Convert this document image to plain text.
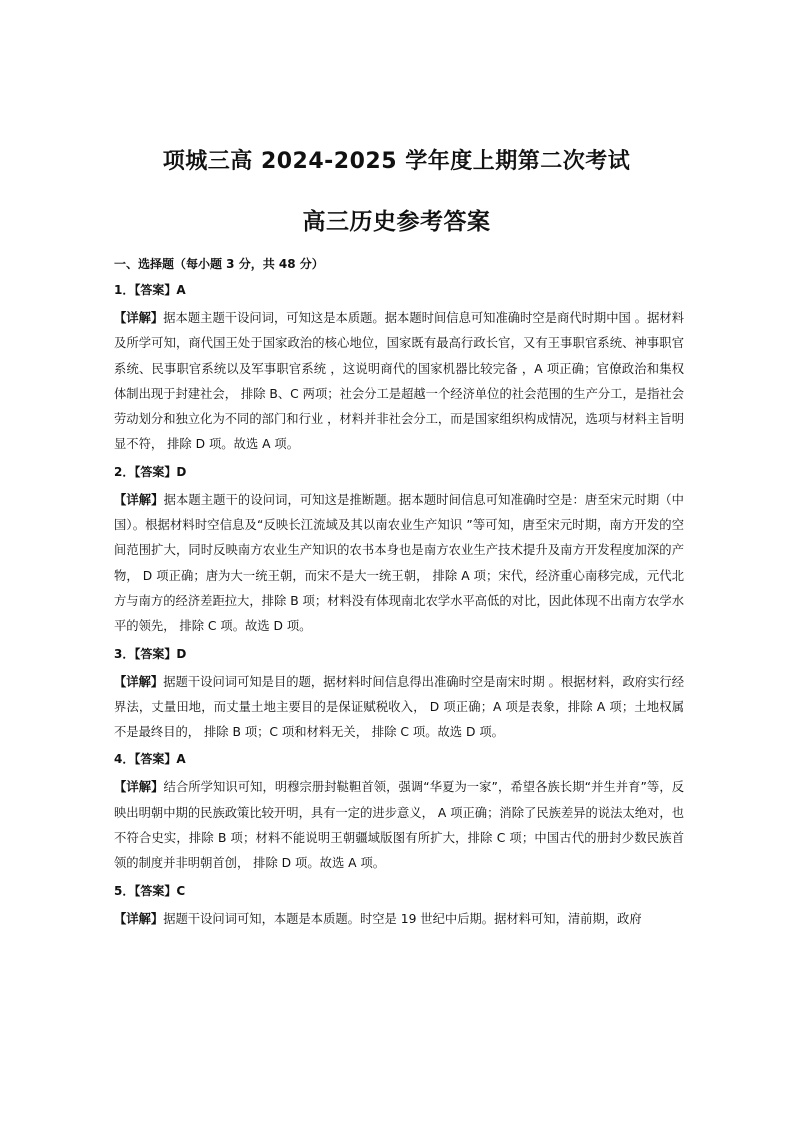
项城三高 2024-2025 学年度上期第二次考试
高三历史参考答案
一、选择题（每小题 3 分，共 48 分）
1．【答案】A
【详解】据本题主题干设问词，可知这是本质题。据本题时间信息可知准确时空是商代时期中国 。据材料及所学可知，商代国王处于国家政治的核心地位，国家既有最高行政长官，又有王事职官系统、神事职官系统、民事职官系统以及军事职官系统 ，这说明商代的国家机器比较完备 ，A 项正确；官僚政治和集权体制出现于封建社会， 排除 B、C 两项；社会分工是超越一个经济单位的社会范围的生产分工，是指社会劳动划分和独立化为不同的部门和行业 ，材料并非社会分工，而是国家组织构成情况，选项与材料主旨明显不符， 排除 D 项。故选 A 项。
2．【答案】D
【详解】据本题主题干的设问词，可知这是推断题。据本题时间信息可知准确时空是：唐至宋元时期（中国）。根据材料时空信息及“反映长江流域及其以南农业生产知识 ”等可知，唐至宋元时期，南方开发的空间范围扩大，同时反映南方农业生产知识的农书本身也是南方农业生产技术提升及南方开发程度加深的产物， D 项正确；唐为大一统王朝，而宋不是大一统王朝， 排除 A 项；宋代，经济重心南移完成，元代北方与南方的经济差距拉大，排除 B 项；材料没有体现南北农学水平高低的对比，因此体现不出南方农学水平的领先， 排除 C 项。故选 D 项。
3．【答案】D
【详解】据题干设问词可知是目的题，据材料时间信息得出准确时空是南宋时期 。根据材料，政府实行经界法，丈量田地，而丈量土地主要目的是保证赋税收入， D 项正确；A 项是表象，排除 A 项；土地权属不是最终目的， 排除 B 项；C 项和材料无关， 排除 C 项。故选 D 项。
4．【答案】A
【详解】结合所学知识可知，明穆宗册封鞑靼首领，强调“华夏为一家”，希望各族长期“并生并育”等，反映出明朝中期的民族政策比较开明，具有一定的进步意义， A 项正确；消除了民族差异的说法太绝对，也不符合史实，排除 B 项；材料不能说明王朝疆域版图有所扩大，排除 C 项；中国古代的册封少数民族首领的制度并非明朝首创， 排除 D 项。故选 A 项。
5．【答案】C
【详解】据题干设问词可知，本题是本质题。时空是 19 世纪中后期。据材料可知，清前期，政府
